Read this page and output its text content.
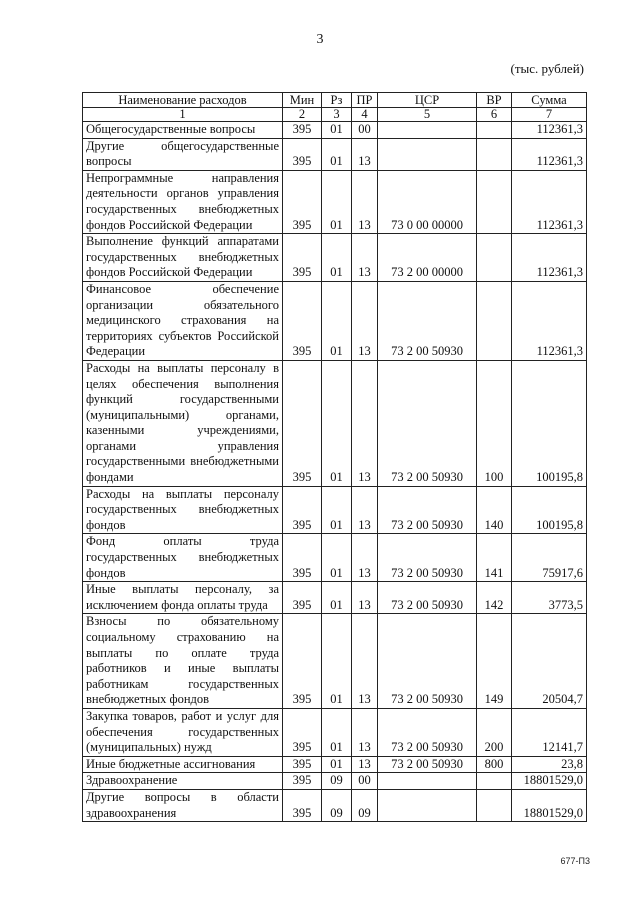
3
(тыс. рублей)
Наименование расходов	Мин	Рз	ПР	ЦСР	ВР	Сумма
1	2	3	4	5	6	7
Общегосударственные вопросы	395	01	00			112361,3
Другие общегосударственные вопросы	395	01	13			112361,3
Непрограммные направления деятельности органов управления государственных внебюджетных фондов Российской Федерации	395	01	13	73 0 00 00000		112361,3
Выполнение функций аппаратами государственных внебюджетных фондов Российской Федерации	395	01	13	73 2 00 00000		112361,3
Финансовое обеспечение организации обязательного медицинского страхования на территориях субъектов Российской Федерации	395	01	13	73 2 00 50930		112361,3
Расходы на выплаты персоналу в целях обеспечения выполнения функций государственными (муниципальными) органами, казенными учреждениями, органами управления государственными внебюджетными фондами	395	01	13	73 2 00 50930	100	100195,8
Расходы на выплаты персоналу государственных внебюджетных фондов	395	01	13	73 2 00 50930	140	100195,8
Фонд оплаты труда государственных внебюджетных фондов	395	01	13	73 2 00 50930	141	75917,6
Иные выплаты персоналу, за исключением фонда оплаты труда	395	01	13	73 2 00 50930	142	3773,5
Взносы по обязательному социальному страхованию на выплаты по оплате труда работников и иные выплаты работникам государственных внебюджетных фондов	395	01	13	73 2 00 50930	149	20504,7
Закупка товаров, работ и услуг для обеспечения государственных (муниципальных) нужд	395	01	13	73 2 00 50930	200	12141,7
Иные бюджетные ассигнования	395	01	13	73 2 00 50930	800	23,8
Здравоохранение	395	09	00			18801529,0
Другие вопросы в области здравоохранения	395	09	09			18801529,0
677-П3
